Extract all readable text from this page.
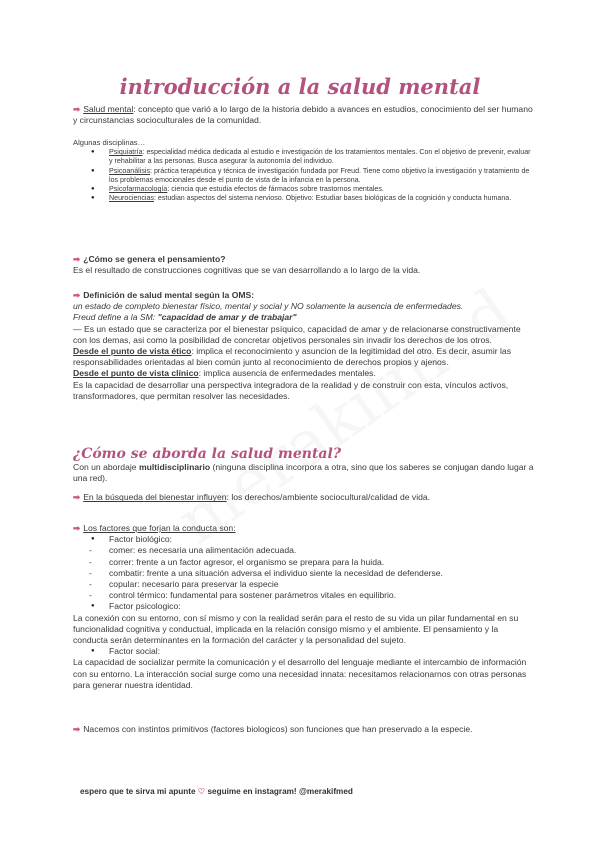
introducción a la salud mental
➡ Salud mental: concepto que varió a lo largo de la historia debido a avances en estudios, conocimiento del ser humano y circunstancias socioculturales de la comunidad.

Algunas disciplinas…

● Psiquiatría: especialidad médica dedicada al estudio e investigación de los tratamientos mentales. Con el objetivo de prevenir, evaluar y rehabilitar a las personas. Busca asegurar la autonomía del individuo.
● Psicoanálisis: práctica terapéutica y técnica de investigación fundada por Freud. Tiene como objetivo la investigación y tratamiento de los problemas emocionales desde el punto de vista de la infancia en la persona.
● Psicofarmacología: ciencia que estudia efectos de fármacos sobre trastornos mentales.
● Neurociencias: estudian aspectos del sistema nervioso. Objetivo: Estudiar bases biológicas de la cognición y conducta humana.

➡ ¿Cómo se genera el pensamiento?

Es el resultado de construcciones cognitivas que se van desarrollando a lo largo de la vida.

➡ Definición de salud mental según la OMS:

un estado de completo bienestar físico, mental y social y NO solamente la ausencia de enfermedades.

Freud define a la SM: "capacidad de amar y de trabajar"

— Es un estado que se caracteriza por el bienestar psíquico, capacidad de amar y de relacionarse constructivamente con los demas, asi como la posibilidad de concretar objetivos personales sin invadir los derechos de los otros.

Desde el punto de vista ético: implica el reconocimiento y asuncion de la legitimidad del otro. Es decir, asumir las responsabilidades orientadas al bien común junto al reconocimiento de derechos propios y ajenos.

Desde el punto de vista clínico: implica ausencia de enfermedades mentales.

Es la capacidad de desarrollar una perspectiva integradora de la realidad y de construir con esta, vínculos activos, transformadores, que permitan resolver las necesidades.

¿Cómo se aborda la salud mental?

Con un abordaje multidisciplinario (ninguna disciplina incorpora a otra, sino que los saberes se conjugan dando lugar a una red).

➡ En la búsqueda del bienestar influyen: los derechos/ambiente sociocultural/calidad de vida.

➡ Los factores que forjan la conducta son:

● Factor biológico:
- comer: es necesaria una alimentación adecuada.
- correr: frente a un factor agresor, el organismo se prepara para la huida.
- combatir: frente a una situación adversa el individuo siente la necesidad de defenderse.
- copular: necesario para preservar la especie
- control térmico: fundamental para sostener parámetros vitales en equilibrio.
● Factor psicologico:

La conexión con su entorno, con sí mismo y con la realidad serán para el resto de su vida un pilar fundamental en su funcionalidad cognitiva y conductual, implicada en la relación consigo mismo y el ambiente. El pensamiento y la conducta serán determinantes en la formación del carácter y la personalidad del sujeto.

● Factor social:

La capacidad de socializar permite la comunicación y el desarrollo del lenguaje mediante el intercambio de información con su entorno. La interacción social surge como una necesidad innata: necesitamos relacionarnos con otras personas para generar nuestra identidad.

➡ Nacemos con instintos primitivos (factores biologicos) son funciones que han preservado a la especie.

espero que te sirva mi apunte ♡ seguime en instagram! @merakifmed
